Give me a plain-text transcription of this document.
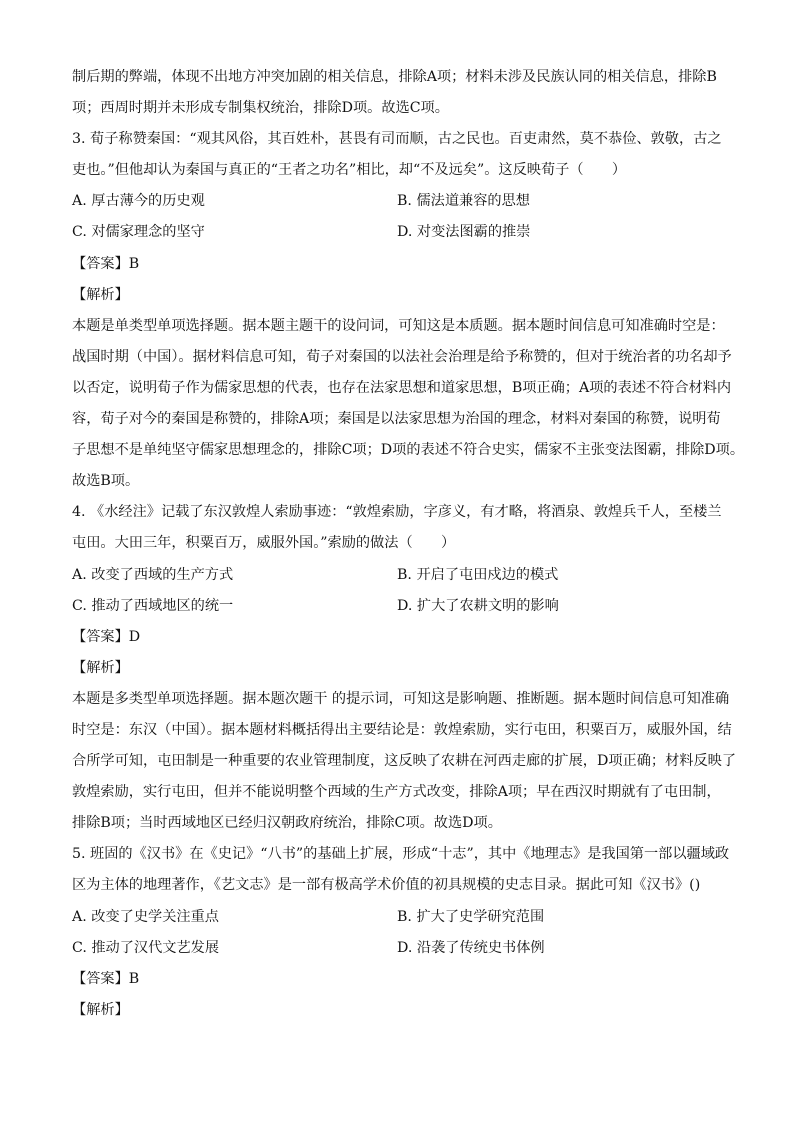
制后期的弊端，体现不出地方冲突加剧的相关信息，排除A项；材料未涉及民族认同的相关信息，排除B

项；西周时期并未形成专制集权统治，排除D项。故选C项。

3. 荀子称赞秦国：“观其风俗，其百姓朴，甚畏有司而顺，古之民也。百吏肃然，莫不恭俭、敦敬，古之

吏也。”但他却认为秦国与真正的“王者之功名”相比，却“不及远矣”。这反映荀子（　　）

A. 厚古薄今的历史观	B. 儒法道兼容的思想
C. 对儒家理念的坚守	D. 对变法图霸的推崇

【答案】B

【解析】

本题是单类型单项选择题。据本题主题干的设问词，可知这是本质题。据本题时间信息可知准确时空是：

战国时期（中国）。据材料信息可知，荀子对秦国的以法社会治理是给予称赞的，但对于统治者的功名却予

以否定，说明荀子作为儒家思想的代表，也存在法家思想和道家思想，B项正确；A项的表述不符合材料内

容，荀子对今的秦国是称赞的，排除A项；秦国是以法家思想为治国的理念，材料对秦国的称赞，说明荀

子思想不是单纯坚守儒家思想理念的，排除C项；D项的表述不符合史实，儒家不主张变法图霸，排除D项。

故选B项。

4. 《水经注》记载了东汉敦煌人索励事迹：“敦煌索励，字彦义，有才略，将酒泉、敦煌兵千人，至楼兰

屯田。大田三年，积粟百万，威服外国。”索励的做法（　　）

A. 改变了西域的生产方式	B. 开启了屯田戍边的模式
C. 推动了西域地区的统一	D. 扩大了农耕文明的影响

【答案】D

【解析】

本题是多类型单项选择题。据本题次题干 的提示词，可知这是影响题、推断题。据本题时间信息可知准确

时空是：东汉（中国）。据本题材料概括得出主要结论是：敦煌索励，实行屯田，积粟百万，威服外国，结

合所学可知，屯田制是一种重要的农业管理制度，这反映了农耕在河西走廊的扩展，D项正确；材料反映了

敦煌索励，实行屯田，但并不能说明整个西域的生产方式改变，排除A项；早在西汉时期就有了屯田制，

排除B项；当时西域地区已经归汉朝政府统治，排除C项。故选D项。

5. 班固的《汉书》在《史记》“八书”的基础上扩展，形成“十志”，其中《地理志》是我国第一部以疆域政

区为主体的地理著作，《艺文志》是一部有极高学术价值的初具规模的史志目录。据此可知《汉书》()

A. 改变了史学关注重点	B. 扩大了史学研究范围
C. 推动了汉代文艺发展	D. 沿袭了传统史书体例

【答案】B

【解析】
